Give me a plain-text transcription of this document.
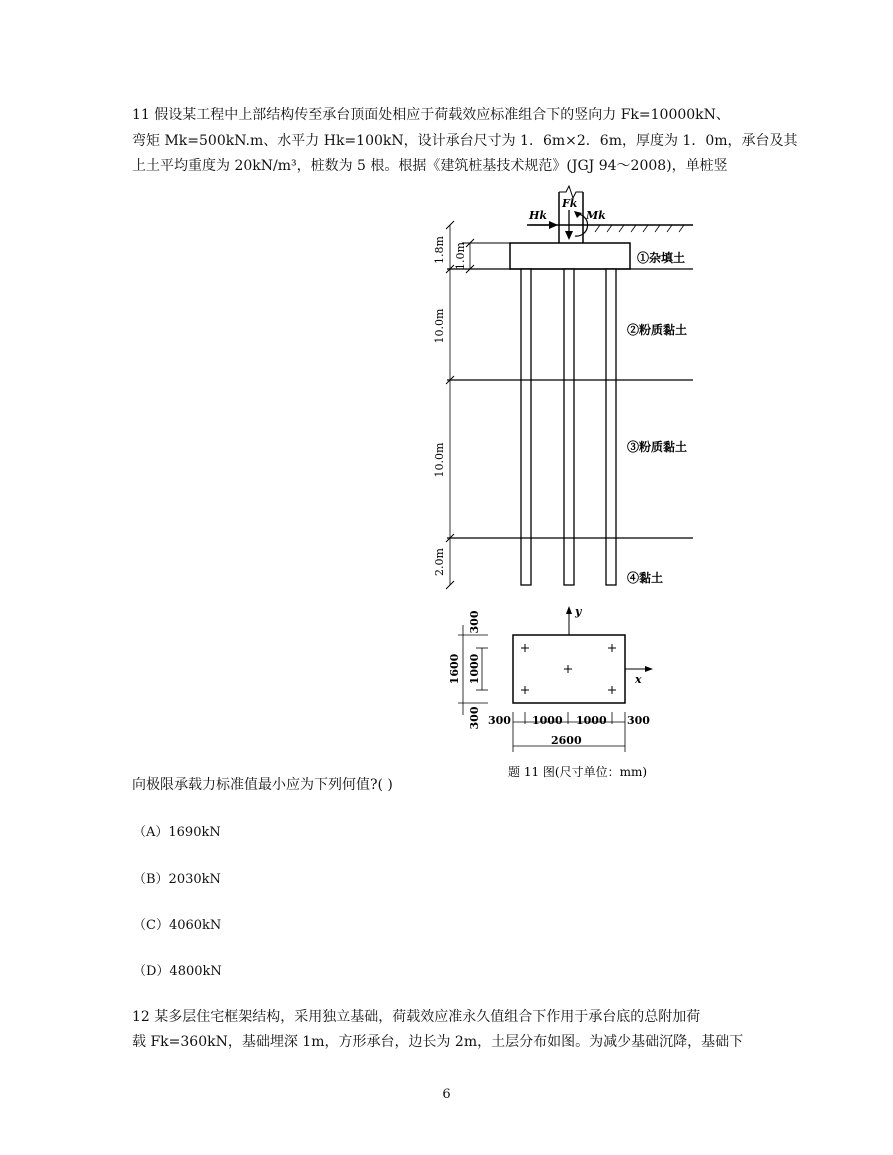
11 假设某工程中上部结构传至承台顶面处相应于荷载效应标准组合下的竖向力 Fk=10000kN、
弯矩 Mk=500kN.m、水平力 Hk=100kN，设计承台尺寸为 1．6m×2．6m，厚度为 1．0m，承台及其
上土平均重度为 20kN/m³，桩数为 5 根。根据《建筑桩基技术规范》(JGJ 94～2008)，单桩竖
Fk
Hk	Mk
1.8m 1.0m
10.0m
10.0m
2.0m
①杂填土
②粉质黏土
③粉质黏土
④黏土
y
x
300
300
1600 1000
300 1000 1000 300
2600
题 11 图(尺寸单位：mm)
向极限承载力标准值最小应为下列何值?( )
（A）1690kN
（B）2030kN
（C）4060kN
（D）4800kN
12 某多层住宅框架结构，采用独立基础，荷载效应准永久值组合下作用于承台底的总附加荷
载 Fk=360kN，基础埋深 1m，方形承台，边长为 2m，土层分布如图。为减少基础沉降，基础下
6
